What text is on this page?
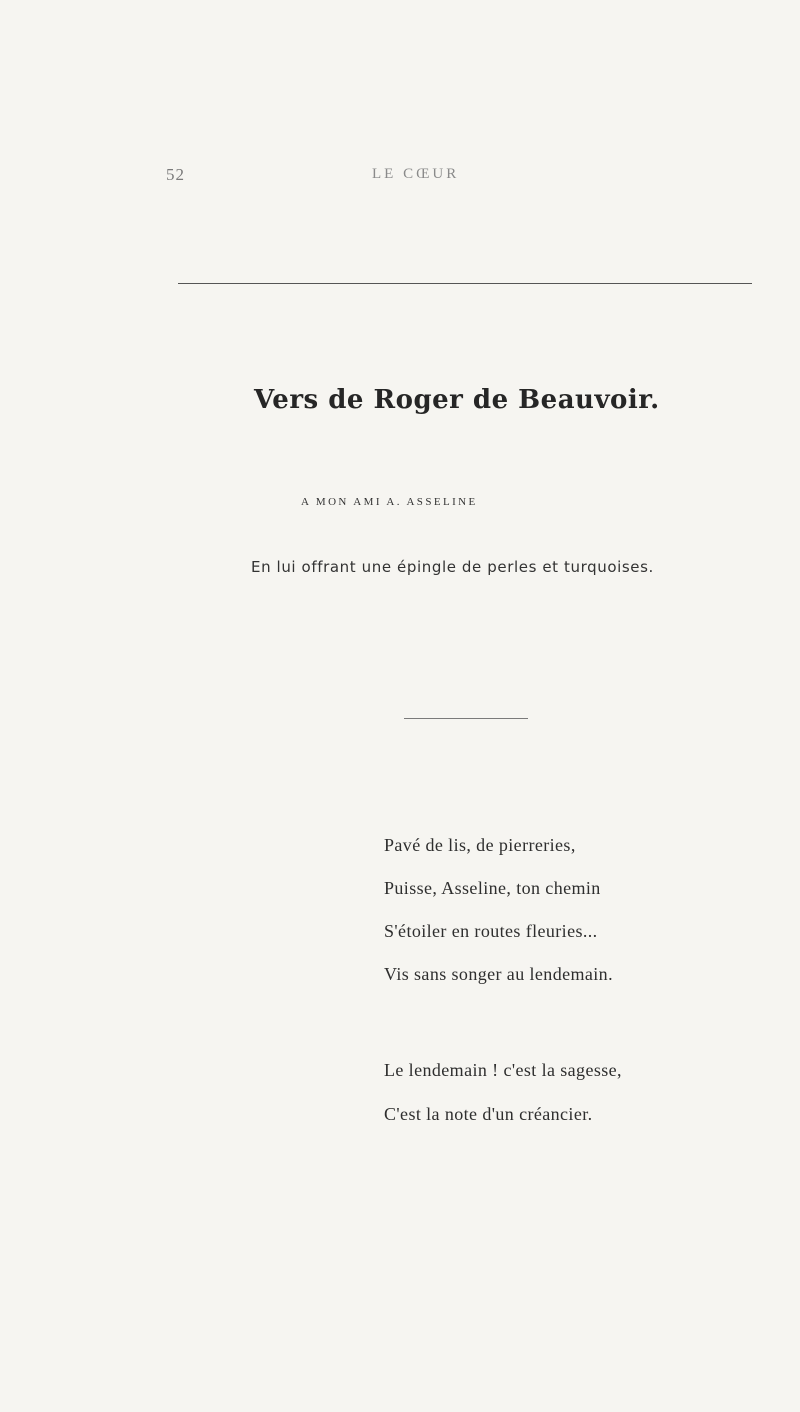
52	LE CŒUR
Vers de Roger de Beauvoir.
A MON AMI A. ASSELINE
En lui offrant une épingle de perles et turquoises.
Pavé de lis, de pierreries,
Puisse, Asseline, ton chemin
S'étoiler en routes fleuries...
Vis sans songer au lendemain.
Le lendemain ! c'est la sagesse,
C'est la note d'un créancier.
